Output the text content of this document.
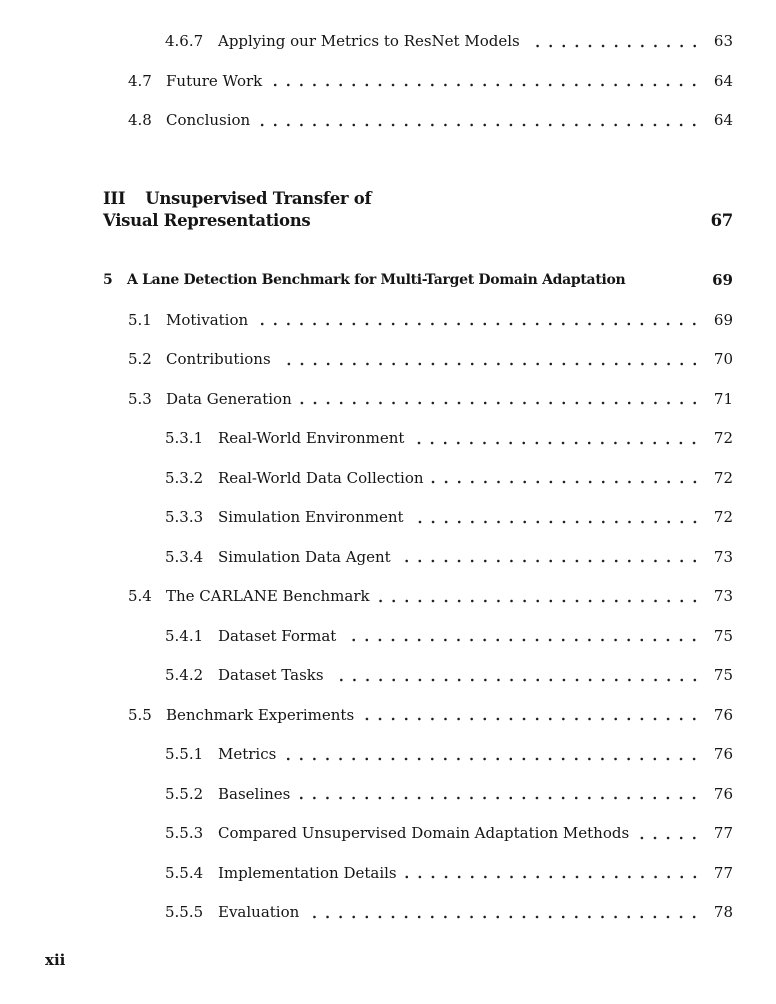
4.6.7 Applying our Metrics to ResNet Models	63
4.7 Future Work	64
4.8 Conclusion	64
III Unsupervised Transfer of
Visual Representations	67
5	A Lane Detection Benchmark for Multi-Target Domain Adaptation	69
5.1 Motivation	69
5.2 Contributions	70
5.3 Data Generation	71
5.3.1 Real-World Environment	72
5.3.2 Real-World Data Collection	72
5.3.3 Simulation Environment	72
5.3.4 Simulation Data Agent	73
5.4 The CARLANE Benchmark	73
5.4.1 Dataset Format	75
5.4.2 Dataset Tasks	75
5.5 Benchmark Experiments	76
5.5.1 Metrics	76
5.5.2 Baselines	76
5.5.3 Compared Unsupervised Domain Adaptation Methods	77
5.5.4 Implementation Details	77
5.5.5 Evaluation	78
xii
